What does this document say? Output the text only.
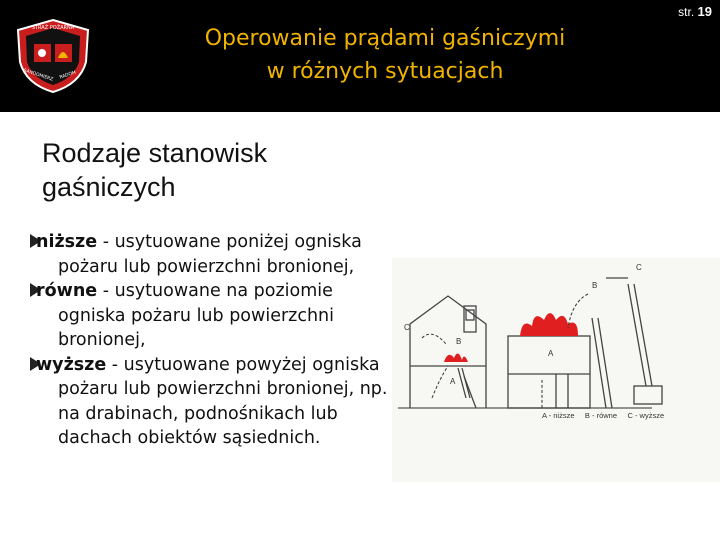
STRAŻ POŻARNA
SANDOMIERZ RADOM
Operowanie prądami gaśniczymi
w różnych sytuacjach
str. 19
Rodzaje stanowisk gaśniczych

niższe - usytuowane poniżej ogniska pożaru lub powierzchni bronionej,

równe - usytuowane na poziomie ogniska pożaru lub powierzchni bronionej,

wyższe - usytuowane powyżej ogniska pożaru lub powierzchni bronionej, np. na drabinach, podnośnikach lub dachach obiektów sąsiednich.

C
B
A
A
B
C
A - niższe     B - równe     C - wyższe
